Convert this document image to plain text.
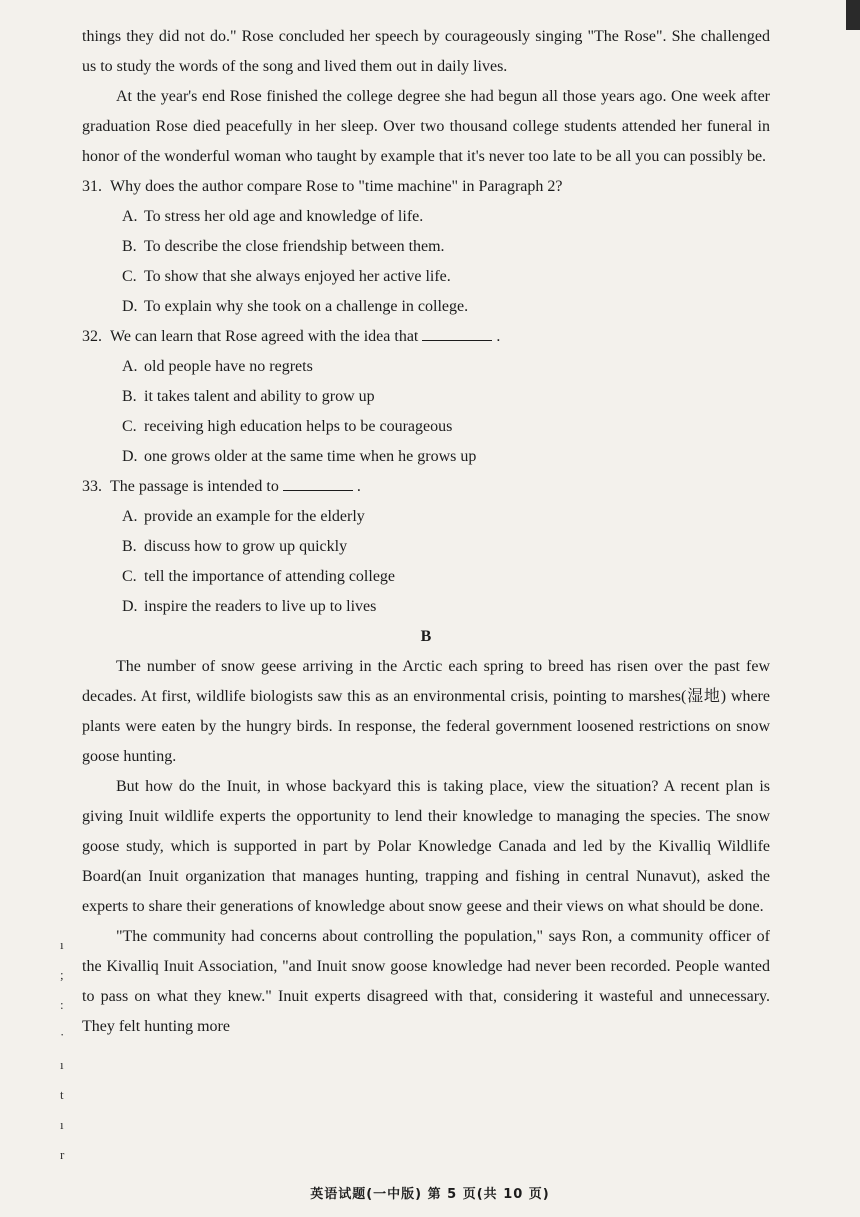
things they did not do." Rose concluded her speech by courageously singing "The Rose". She challenged us to study the words of the song and lived them out in daily lives.

At the year's end Rose finished the college degree she had begun all those years ago. One week after graduation Rose died peacefully in her sleep. Over two thousand college students attended her funeral in honor of the wonderful woman who taught by example that it's never too late to be all you can possibly be.

31. Why does the author compare Rose to "time machine" in Paragraph 2?

A. To stress her old age and knowledge of life.
B. To describe the close friendship between them.
C. To show that she always enjoyed her active life.
D. To explain why she took on a challenge in college.

32. We can learn that Rose agreed with the idea that	.

A. old people have no regrets
B. it takes talent and ability to grow up
C. receiving high education helps to be courageous
D. one grows older at the same time when he grows up

33. The passage is intended to	.

A. provide an example for the elderly
B. discuss how to grow up quickly
C. tell the importance of attending college
D. inspire the readers to live up to lives

B

The number of snow geese arriving in the Arctic each spring to breed has risen over the past few decades. At first, wildlife biologists saw this as an environmental crisis, pointing to marshes(湿地) where plants were eaten by the hungry birds. In response, the federal government loosened restrictions on snow goose hunting.

But how do the Inuit, in whose backyard this is taking place, view the situation? A recent plan is giving Inuit wildlife experts the opportunity to lend their knowledge to managing the species. The snow goose study, which is supported in part by Polar Knowledge Canada and led by the Kivalliq Wildlife Board(an Inuit organization that manages hunting, trapping and fishing in central Nunavut), asked the experts to share their generations of knowledge about snow geese and their views on what should be done.

"The community had concerns about controlling the population," says Ron, a community officer of the Kivalliq Inuit Association, "and Inuit snow goose knowledge had never been recorded. People wanted to pass on what they knew." Inuit experts disagreed with that, considering it wasteful and unnecessary. They felt hunting more

ı
;
:
·
ı
t
ı
r
英语试题(一中版) 第 5 页(共 10 页)
